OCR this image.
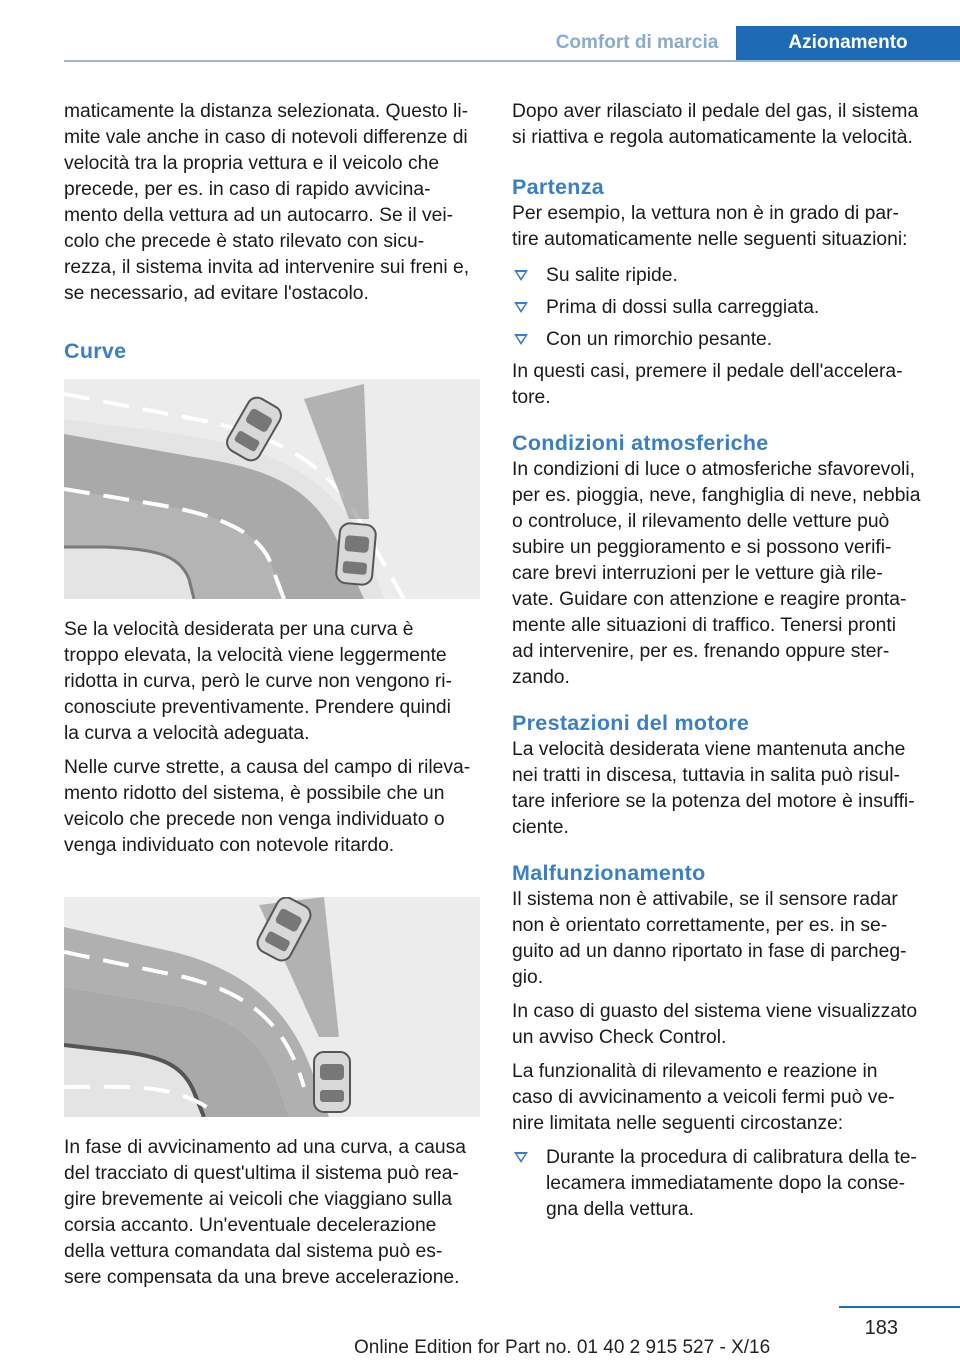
Comfort di marcia	Azionamento

maticamente la distanza selezionata. Questo li-
mite vale anche in caso di notevoli differenze di
velocità tra la propria vettura e il veicolo che
precede, per es. in caso di rapido avvicina-
mento della vettura ad un autocarro. Se il vei-
colo che precede è stato rilevato con sicu-
rezza, il sistema invita ad intervenire sui freni e,
se necessario, ad evitare l'ostacolo.

Curve

Se la velocità desiderata per una curva è
troppo elevata, la velocità viene leggermente
ridotta in curva, però le curve non vengono ri-
conosciute preventivamente. Prendere quindi
la curva a velocità adeguata.

Nelle curve strette, a causa del campo di rileva-
mento ridotto del sistema, è possibile che un
veicolo che precede non venga individuato o
venga individuato con notevole ritardo.

In fase di avvicinamento ad una curva, a causa
del tracciato di quest'ultima il sistema può rea-
gire brevemente ai veicoli che viaggiano sulla
corsia accanto. Un'eventuale decelerazione
della vettura comandata dal sistema può es-
sere compensata da una breve accelerazione.

Dopo aver rilasciato il pedale del gas, il sistema
si riattiva e regola automaticamente la velocità.

Partenza

Per esempio, la vettura non è in grado di par-
tire automaticamente nelle seguenti situazioni:

Su salite ripide.
Prima di dossi sulla carreggiata.
Con un rimorchio pesante.

In questi casi, premere il pedale dell'accelera-
tore.

Condizioni atmosferiche

In condizioni di luce o atmosferiche sfavorevoli,
per es. pioggia, neve, fanghiglia di neve, nebbia
o controluce, il rilevamento delle vetture può
subire un peggioramento e si possono verifi-
care brevi interruzioni per le vetture già rile-
vate. Guidare con attenzione e reagire pronta-
mente alle situazioni di traffico. Tenersi pronti
ad intervenire, per es. frenando oppure ster-
zando.

Prestazioni del motore

La velocità desiderata viene mantenuta anche
nei tratti in discesa, tuttavia in salita può risul-
tare inferiore se la potenza del motore è insuffi-
ciente.

Malfunzionamento

Il sistema non è attivabile, se il sensore radar
non è orientato correttamente, per es. in se-
guito ad un danno riportato in fase di parcheg-
gio.

In caso di guasto del sistema viene visualizzato
un avviso Check Control.

La funzionalità di rilevamento e reazione in
caso di avvicinamento a veicoli fermi può ve-
nire limitata nelle seguenti circostanze:

Durante la procedura di calibratura della te-
lecamera immediatamente dopo la conse-
gna della vettura.
183
Online Edition for Part no. 01 40 2 915 527 - X/16
